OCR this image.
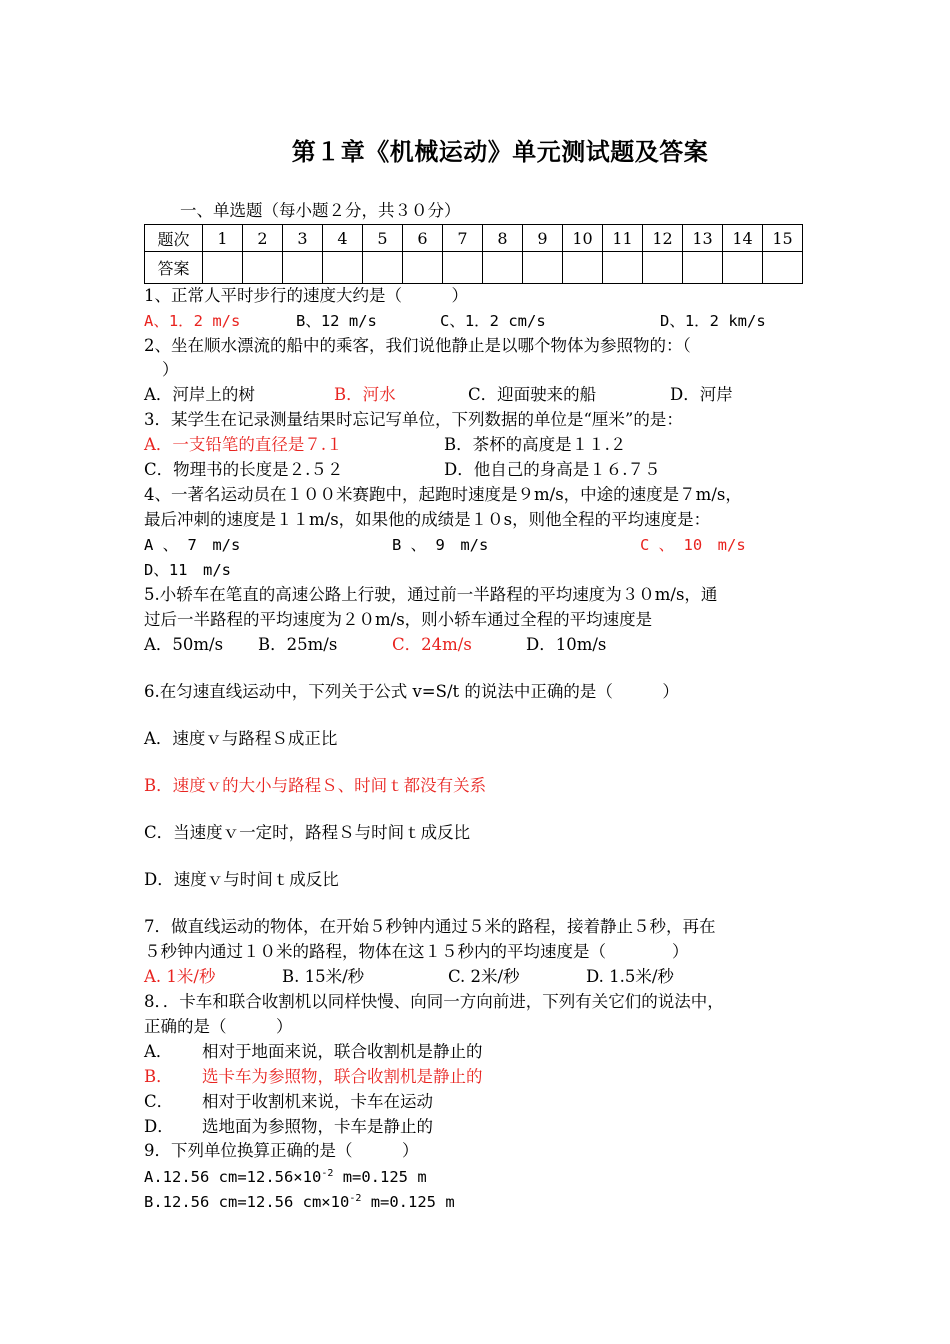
第１章《机械运动》单元测试题及答案
一、单选题（每小题２分，共３０分）
题次	1	2	3	4	5	6	7	8	9	10	11	12	13	14	15
答案															
1、正常人平时步行的速度大约是（　　　）
A、1．2 m/s	B、12 m/s	C、1．2 cm/s	D、1．2 km/s
2、坐在顺水漂流的船中的乘客，我们说他静止是以哪个物体为参照物的：（
）
A．河岸上的树	B．河水	C．迎面驶来的船	D．河岸
3．某学生在记录测量结果时忘记写单位，下列数据的单位是“厘米”的是：
A．一支铅笔的直径是７.１	B．茶杯的高度是１１.２
C．物理书的长度是２.５２	D．他自己的身高是１６.７５
4、一著名运动员在１００米赛跑中，起跑时速度是９m/s，中途的速度是７m/s，
最后冲刺的速度是１１m/s，如果他的成绩是１０s，则他全程的平均速度是：
A 、 7　m/s	B 、 9　m/s	C 、 10　m/s
D、11　m/s
5.小轿车在笔直的高速公路上行驶，通过前一半路程的平均速度为３０m/s，通
过后一半路程的平均速度为２０m/s，则小轿车通过全程的平均速度是
A．50m/s B．25m/s	C．24m/s	D．10m/s
6.在匀速直线运动中，下列关于公式 v=S/t 的说法中正确的是（　　　）
A．速度ｖ与路程Ｓ成正比
B．速度ｖ的大小与路程Ｓ、时间ｔ都没有关系
C．当速度ｖ一定时，路程Ｓ与时间ｔ成反比
D．速度ｖ与时间ｔ成反比
7．做直线运动的物体，在开始５秒钟内通过５米的路程，接着静止５秒，再在
５秒钟内通过１０米的路程，物体在这１５秒内的平均速度是（　　　　）
A. 1米/秒	B. 15米/秒	C. 2米/秒	D. 1.5米/秒
8．．卡车和联合收割机以同样快慢、向同一方向前进，下列有关它们的说法中，
正确的是（　　　）
A． 相对于地面来说，联合收割机是静止的
B． 选卡车为参照物，联合收割机是静止的
C． 相对于收割机来说，卡车在运动
D． 选地面为参照物，卡车是静止的
9．下列单位换算正确的是（　　　）
A.12.56 $cm=12.56\times 10^{-2}$ m=0.125 m
B.12.56 cm=12.56 $cm\times 10^{-2}$ m=0.125 m
